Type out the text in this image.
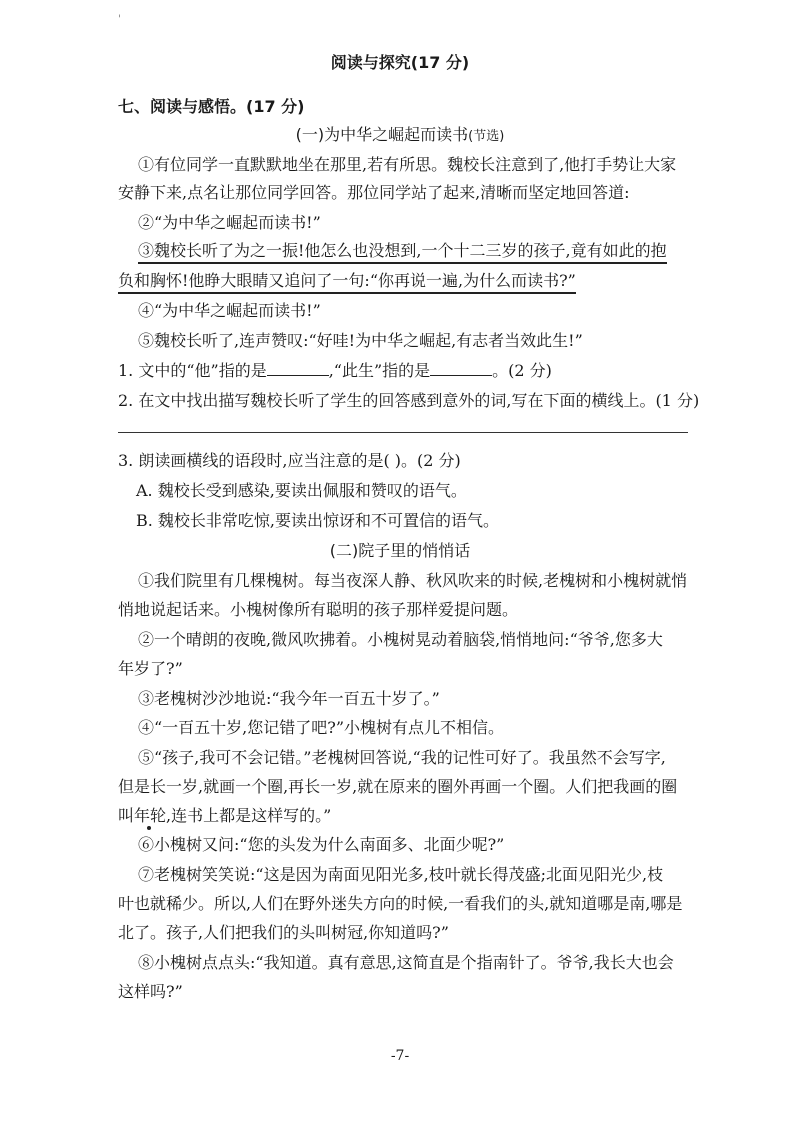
'
阅读与探究(17 分)
七、阅读与感悟。(17 分)
(一)为中华之崛起而读书(节选)
①有位同学一直默默地坐在那里,若有所思。魏校长注意到了,他打手势让大家
安静下来,点名让那位同学回答。那位同学站了起来,清晰而坚定地回答道:
②“为中华之崛起而读书!”
③魏校长听了为之一振!他怎么也没想到,一个十二三岁的孩子,竟有如此的抱
负和胸怀!他睁大眼睛又追问了一句:“你再说一遍,为什么而读书?”
④“为中华之崛起而读书!”
⑤魏校长听了,连声赞叹:“好哇!为中华之崛起,有志者当效此生!”
1. 文中的“他”指的是	,“此生”指的是	。(2 分)
2. 在文中找出描写魏校长听了学生的回答感到意外的词,写在下面的横线上。(1 分)
3. 朗读画横线的语段时,应当注意的是( )。(2 分)
A. 魏校长受到感染,要读出佩服和赞叹的语气。
B. 魏校长非常吃惊,要读出惊讶和不可置信的语气。
(二)院子里的悄悄话
①我们院里有几棵槐树。每当夜深人静、秋风吹来的时候,老槐树和小槐树就悄
悄地说起话来。小槐树像所有聪明的孩子那样爱提问题。
②一个晴朗的夜晚,微风吹拂着。小槐树晃动着脑袋,悄悄地问:“爷爷,您多大
年岁了?”
③老槐树沙沙地说:“我今年一百五十岁了。”
④“一百五十岁,您记错了吧?”小槐树有点儿不相信。
⑤“孩子,我可不会记错。”老槐树回答说,“我的记性可好了。我虽然不会写字,
但是长一岁,就画一个圈,再长一岁,就在原来的圈外再画一个圈。人们把我画的圈
叫年轮,连书上都是这样写的。”
⑥小槐树又问:“您的头发为什么南面多、北面少呢?”
⑦老槐树笑笑说:“这是因为南面见阳光多,枝叶就长得茂盛;北面见阳光少,枝
叶也就稀少。所以,人们在野外迷失方向的时候,一看我们的头,就知道哪是南,哪是
北了。孩子,人们把我们的头叫树冠,你知道吗?”
⑧小槐树点点头:“我知道。真有意思,这简直是个指南针了。爷爷,我长大也会
这样吗?”
-7-
